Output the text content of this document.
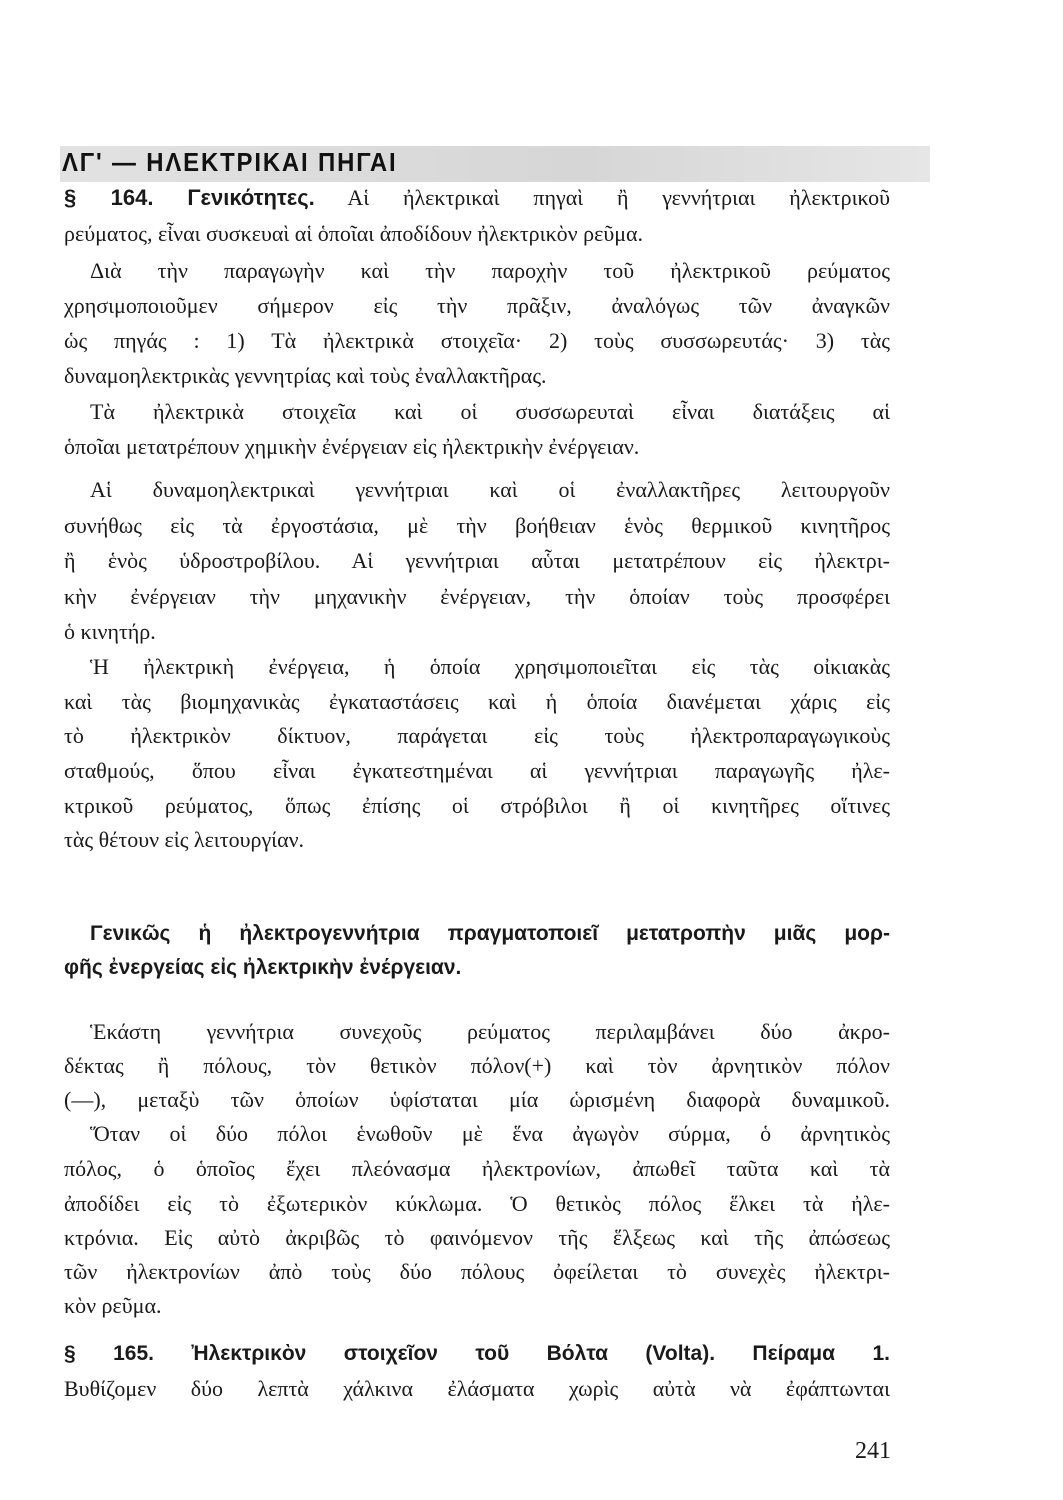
ΛΓ' — ΗΛΕΚΤΡΙΚΑΙ ΠΗΓΑΙ
§ 164. Γενικότητες. Αἱ ἠλεκτρικαὶ πηγαὶ ἢ γεννήτριαι ἠλεκτρικοῦ
ρεύματος, εἶναι συσκευαὶ αἱ ὁποῖαι ἀποδίδουν ἠλεκτρικὸν ρεῦμα.
Διὰ τὴν παραγωγὴν καὶ τὴν παροχὴν τοῦ ἠλεκτρικοῦ ρεύματος
χρησιμοποιοῦμεν σήμερον εἰς τὴν πρᾶξιν, ἀναλόγως τῶν ἀναγκῶν
ὡς πηγάς : 1) Τὰ ἠλεκτρικὰ στοιχεῖα· 2) τοὺς συσσωρευτάς· 3) τὰς
δυναμοηλεκτρικὰς γεννητρίας καὶ τοὺς ἐναλλακτῆρας.
Τὰ ἠλεκτρικὰ στοιχεῖα καὶ οἱ συσσωρευταὶ εἶναι διατάξεις αἱ
ὁποῖαι μετατρέπουν χημικὴν ἐνέργειαν εἰς ἠλεκτρικὴν ἐνέργειαν.
Αἱ δυναμοηλεκτρικαὶ γεννήτριαι καὶ οἱ ἐναλλακτῆρες λειτουργοῦν
συνήθως εἰς τὰ ἐργοστάσια, μὲ τὴν βοήθειαν ἑνὸς θερμικοῦ κινητῆρος
ἢ ἑνὸς ὑδροστροβίλου. Αἱ γεννήτριαι αὗται μετατρέπουν εἰς ἠλεκτρι-
κὴν ἐνέργειαν τὴν μηχανικὴν ἐνέργειαν, τὴν ὁποίαν τοὺς προσφέρει
ὁ κινητήρ.
Ἡ ἠλεκτρικὴ ἐνέργεια, ἡ ὁποία χρησιμοποιεῖται εἰς τὰς οἰκιακὰς
καὶ τὰς βιομηχανικὰς ἐγκαταστάσεις καὶ ἡ ὁποία διανέμεται χάρις εἰς
τὸ ἠλεκτρικὸν δίκτυον, παράγεται εἰς τοὺς ἠλεκτροπαραγωγικοὺς
σταθμούς, ὅπου εἶναι ἐγκατεστημέναι αἱ γεννήτριαι παραγωγῆς ἠλε-
κτρικοῦ ρεύματος, ὅπως ἐπίσης οἱ στρόβιλοι ἢ οἱ κινητῆρες οἵτινες
τὰς θέτουν εἰς λειτουργίαν.
Γενικῶς ἡ ἠλεκτρογεννήτρια πραγματοποιεῖ μετατροπὴν μιᾶς μορ-
φῆς ἐνεργείας εἰς ἠλεκτρικὴν ἐνέργειαν.
Ἑκάστη γεννήτρια συνεχοῦς ρεύματος περιλαμβάνει δύο ἀκρο-
δέκτας ἢ πόλους, τὸν θετικὸν πόλον(+) καὶ τὸν ἀρνητικὸν πόλον
(—), μεταξὺ τῶν ὁποίων ὑφίσταται μία ὡρισμένη διαφορὰ δυναμικοῦ.
Ὅταν οἱ δύο πόλοι ἑνωθοῦν μὲ ἕνα ἀγωγὸν σύρμα, ὁ ἀρνητικὸς
πόλος, ὁ ὁποῖος ἔχει πλεόνασμα ἠλεκτρονίων, ἀπωθεῖ ταῦτα καὶ τὰ
ἀποδίδει εἰς τὸ ἐξωτερικὸν κύκλωμα. Ὁ θετικὸς πόλος ἕλκει τὰ ἠλε-
κτρόνια. Εἰς αὐτὸ ἀκριβῶς τὸ φαινόμενον τῆς ἕλξεως καὶ τῆς ἀπώσεως
τῶν ἠλεκτρονίων ἀπὸ τοὺς δύο πόλους ὀφείλεται τὸ συνεχὲς ἠλεκτρι-
κὸν ρεῦμα.
§ 165. Ἠλεκτρικὸν στοιχεῖον τοῦ Βόλτα (Volta). Πείραμα 1.
Βυθίζομεν δύο λεπτὰ χάλκινα ἐλάσματα χωρὶς αὐτὰ νὰ ἐφάπτωνται
241
